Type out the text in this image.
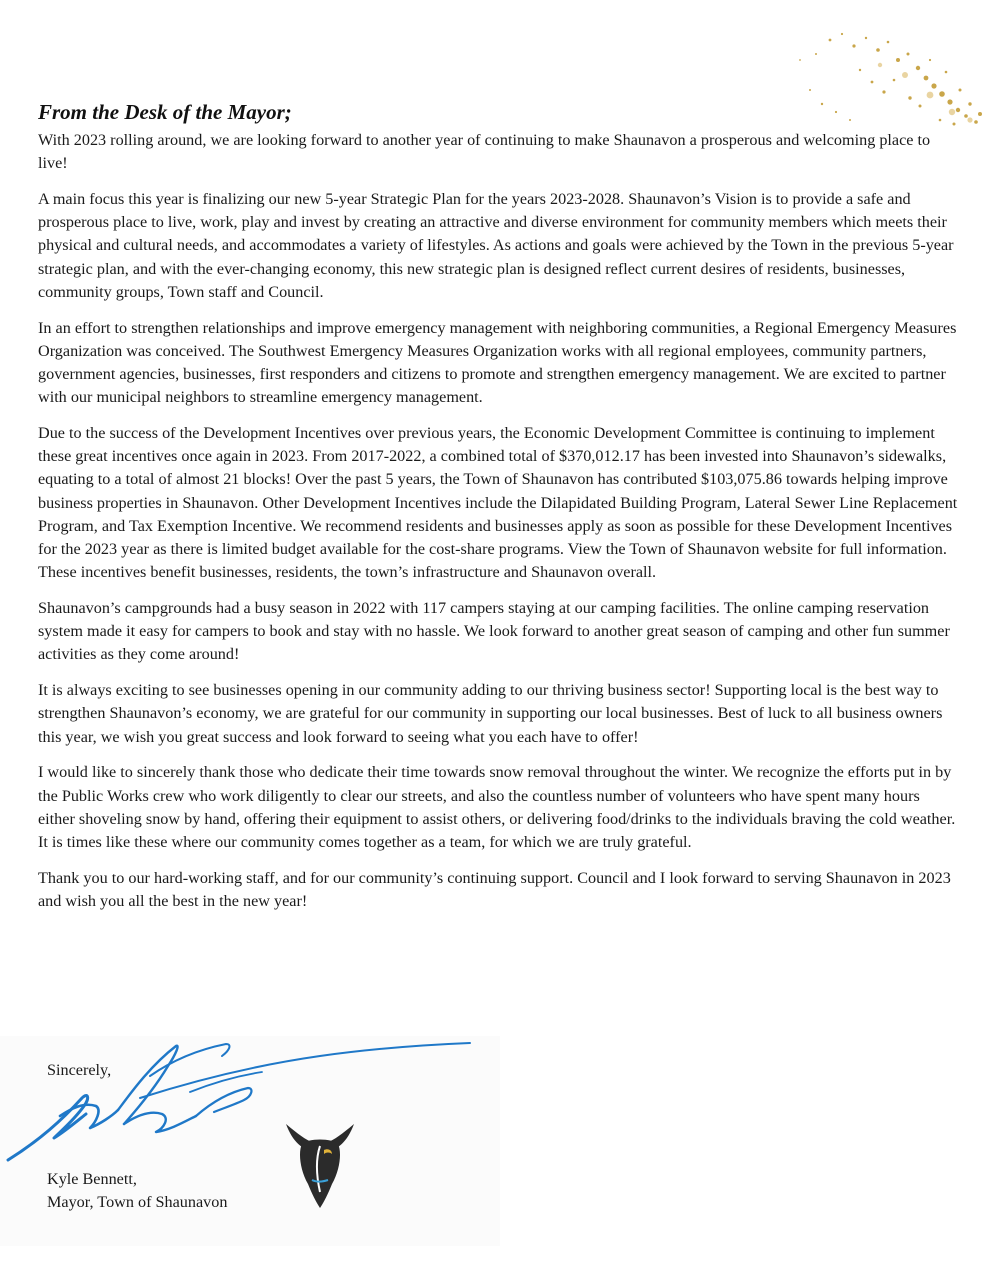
From the Desk of the Mayor;

With 2023 rolling around, we are looking forward to another year of continuing to make Shaunavon a prosperous and welcoming place to live!

A main focus this year is finalizing our new 5-year Strategic Plan for the years 2023-2028. Shaunavon’s Vision is to provide a safe and prosperous place to live, work, play and invest by creating an attractive and diverse environment for community members which meets their physical and cultural needs, and accommodates a variety of lifestyles. As actions and goals were achieved by the Town in the previous 5-year strategic plan, and with the ever-changing economy, this new strategic plan is designed reflect current desires of residents, businesses, community groups, Town staff and Council.

In an effort to strengthen relationships and improve emergency management with neighboring communities, a Regional Emergency Measures Organization was conceived. The Southwest Emergency Measures Organization works with all regional employees, community partners, government agencies, businesses, first responders and citizens to promote and strengthen emergency management. We are excited to partner with our municipal neighbors to streamline emergency management.

Due to the success of the Development Incentives over previous years, the Economic Development Committee is continuing to implement these great incentives once again in 2023. From 2017-2022, a combined total of $370,012.17 has been invested into Shaunavon’s sidewalks, equating to a total of almost 21 blocks! Over the past 5 years, the Town of Shaunavon has contributed $103,075.86 towards helping improve business properties in Shaunavon. Other Development Incentives include the Dilapidated Building Program, Lateral Sewer Line Replacement Program, and Tax Exemption Incentive. We recommend residents and businesses apply as soon as possible for these Development Incentives for the 2023 year as there is limited budget available for the cost-share programs. View the Town of Shaunavon website for full information. These incentives benefit businesses, residents, the town’s infrastructure and Shaunavon overall.

Shaunavon’s campgrounds had a busy season in 2022 with 117 campers staying at our camping facilities. The online camping reservation system made it easy for campers to book and stay with no hassle. We look forward to another great season of camping and other fun summer activities as they come around!

It is always exciting to see businesses opening in our community adding to our thriving business sector! Supporting local is the best way to strengthen Shaunavon’s economy, we are grateful for our community in supporting our local businesses. Best of luck to all business owners this year, we wish you great success and look forward to seeing what you each have to offer!

I would like to sincerely thank those who dedicate their time towards snow removal throughout the winter. We recognize the efforts put in by the Public Works crew who work diligently to clear our streets, and also the countless number of volunteers who have spent many hours either shoveling snow by hand, offering their equipment to assist others, or delivering food/drinks to the individuals braving the cold weather. It is times like these where our community comes together as a team, for which we are truly grateful.

Thank you to our hard-working staff, and for our community’s continuing support. Council and I look forward to serving Shaunavon in 2023 and wish you all the best in the new year!

Sincerely,
Kyle Bennett,
Mayor, Town of Shaunavon
